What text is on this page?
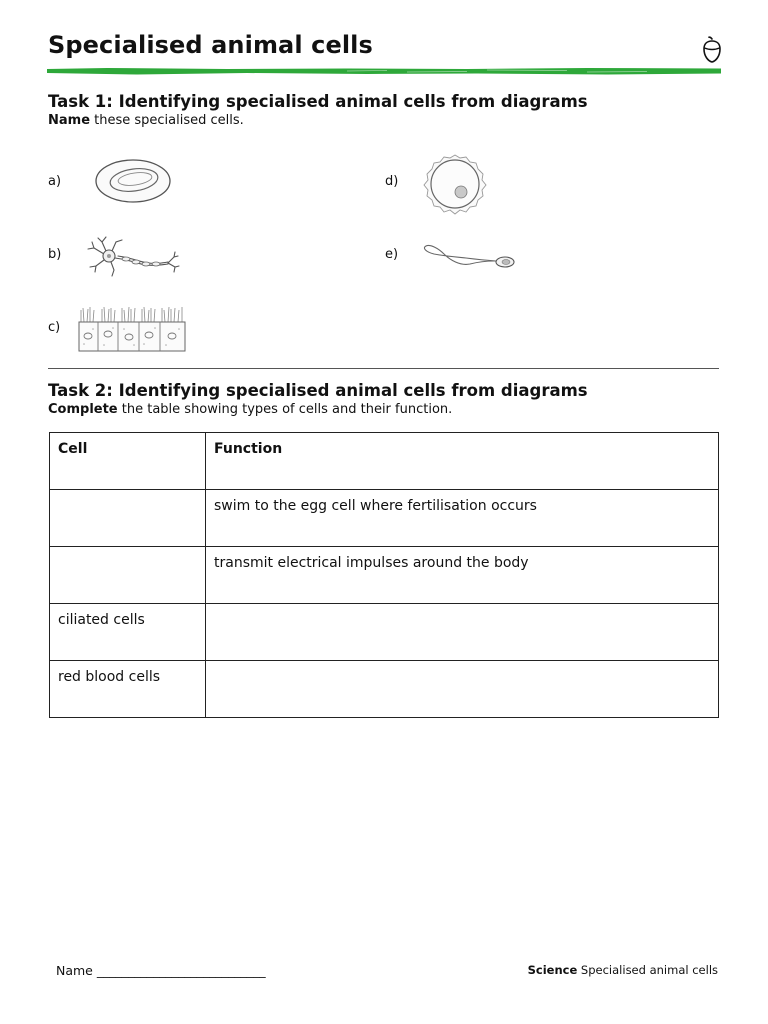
Specialised animal cells
Task 1: Identifying specialised animal cells from diagrams

Name these specialised cells.

a)
b)
c)
d)
e)
Task 2: Identifying specialised animal cells from diagrams

Complete the table showing types of cells and their function.

Cell	Function
	swim to the egg cell where fertilisation occurs
	transmit electrical impulses around the body
ciliated cells	
red blood cells	
Name ___________________________	Science Specialised animal cells
